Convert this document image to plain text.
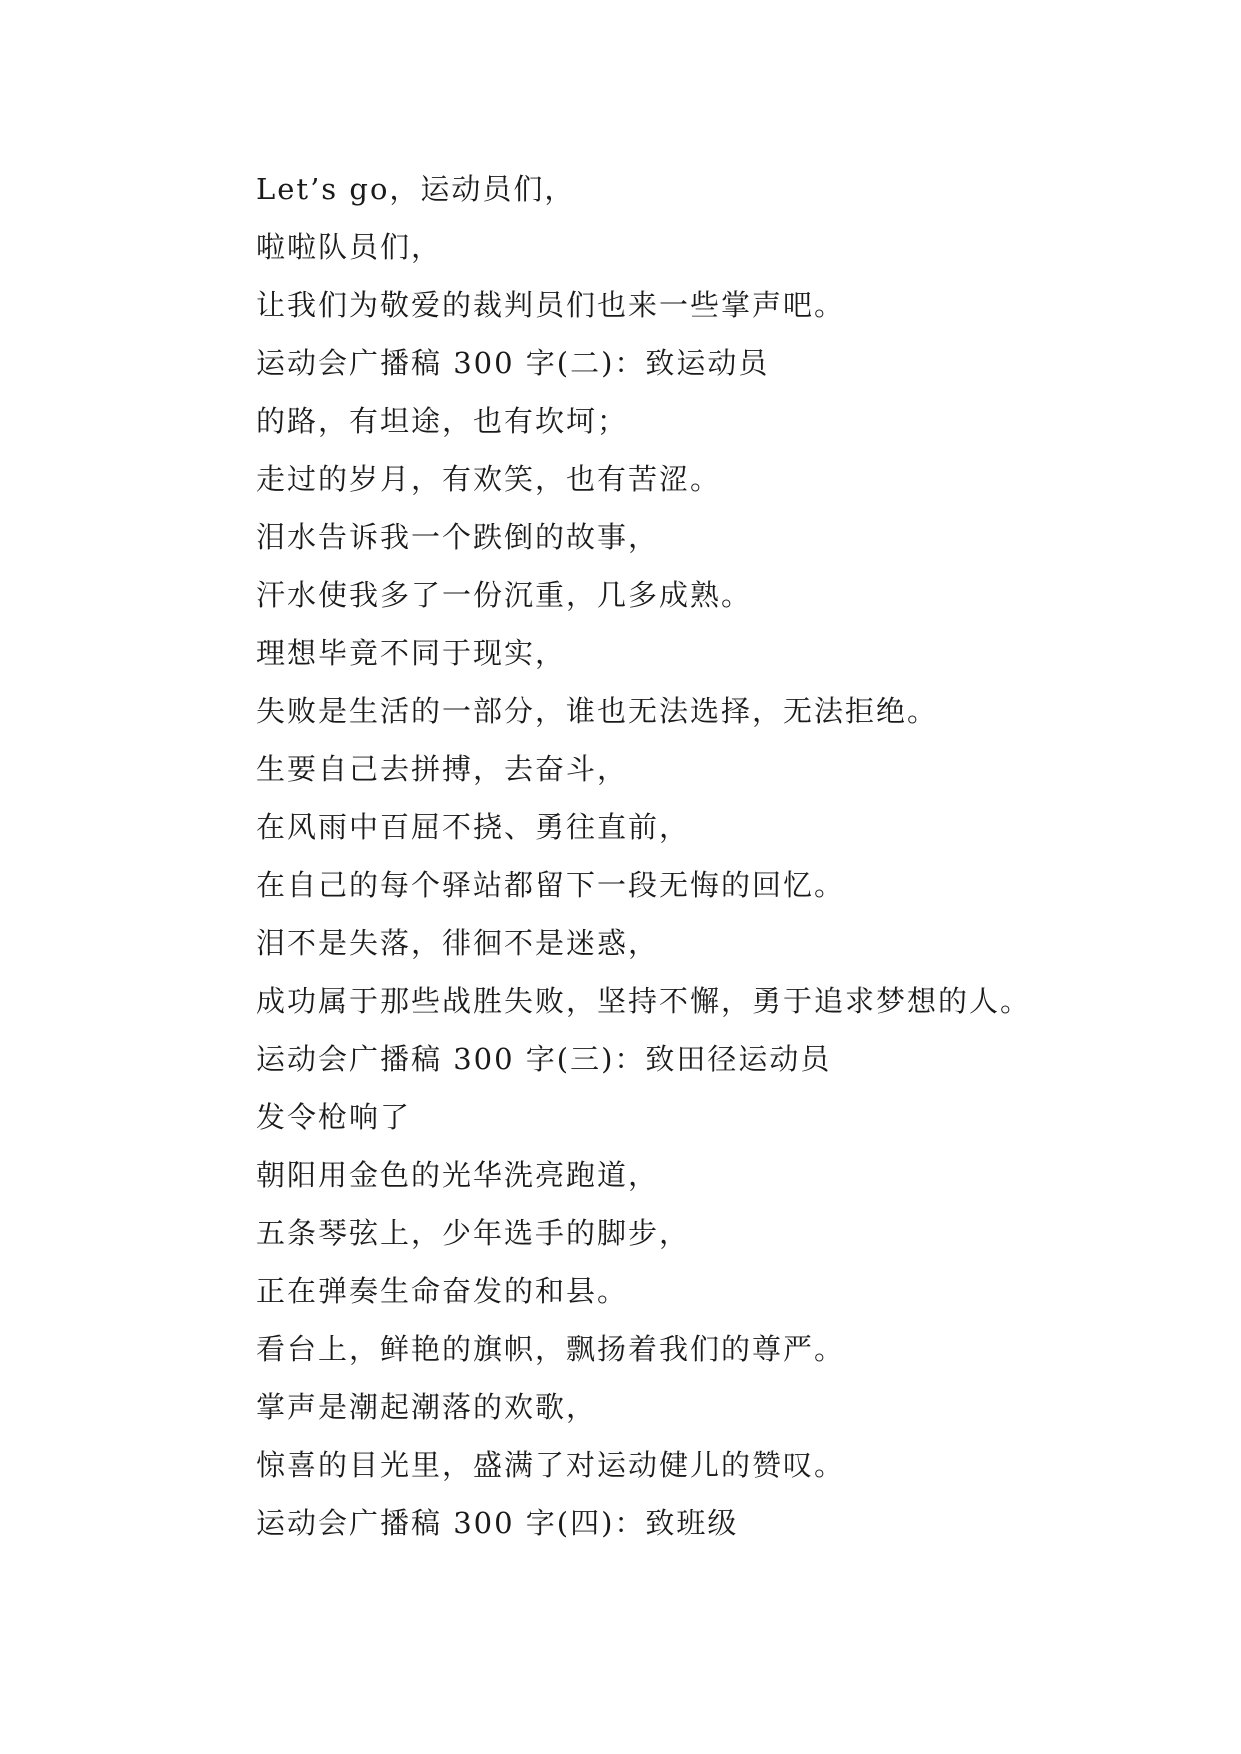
Let’s go，运动员们，
啦啦队员们，
让我们为敬爱的裁判员们也来一些掌声吧。
运动会广播稿 300 字(二)：致运动员
的路，有坦途，也有坎坷；
走过的岁月，有欢笑，也有苦涩。
泪水告诉我一个跌倒的故事，
汗水使我多了一份沉重，几多成熟。
理想毕竟不同于现实，
失败是生活的一部分，谁也无法选择，无法拒绝。
生要自己去拼搏，去奋斗，
在风雨中百屈不挠、勇往直前，
在自己的每个驿站都留下一段无悔的回忆。
泪不是失落，徘徊不是迷惑，
成功属于那些战胜失败，坚持不懈，勇于追求梦想的人。
运动会广播稿 300 字(三)：致田径运动员
发令枪响了
朝阳用金色的光华洗亮跑道，
五条琴弦上，少年选手的脚步，
正在弹奏生命奋发的和县。
看台上，鲜艳的旗帜，飘扬着我们的尊严。
掌声是潮起潮落的欢歌，
惊喜的目光里，盛满了对运动健儿的赞叹。
运动会广播稿 300 字(四)：致班级
